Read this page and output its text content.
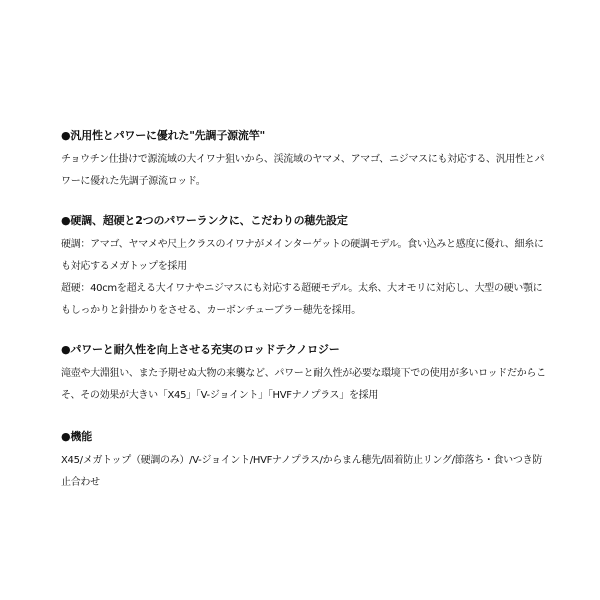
●汎用性とパワーに優れた"先調子源流竿"

チョウチン仕掛けで源流域の大イワナ狙いから、渓流域のヤマメ、アマゴ、ニジマスにも対応する、汎用性とパワーに優れた先調子源流ロッド。

●硬調、超硬と2つのパワーランクに、こだわりの穂先設定

硬調：アマゴ、ヤマメや尺上クラスのイワナがメインターゲットの硬調モデル。食い込みと感度に優れ、細糸にも対応するメガトップを採用

超硬：40cmを超える大イワナやニジマスにも対応する超硬モデル。太糸、大オモリに対応し、大型の硬い顎にもしっかりと針掛かりをさせる、カーボンチューブラー穂先を採用。

●パワーと耐久性を向上させる充実のロッドテクノロジー

滝壺や大淵狙い、また予期せぬ大物の来襲など、パワーと耐久性が必要な環境下での使用が多いロッドだからこそ、その効果が大きい「X45」「V-ジョイント」「HVFナノプラス」を採用

●機能

X45/メガトップ（硬調のみ）/V-ジョイント/HVFナノプラス/からまん穂先/固着防止リング/節落ち・食いつき防止合わせ
